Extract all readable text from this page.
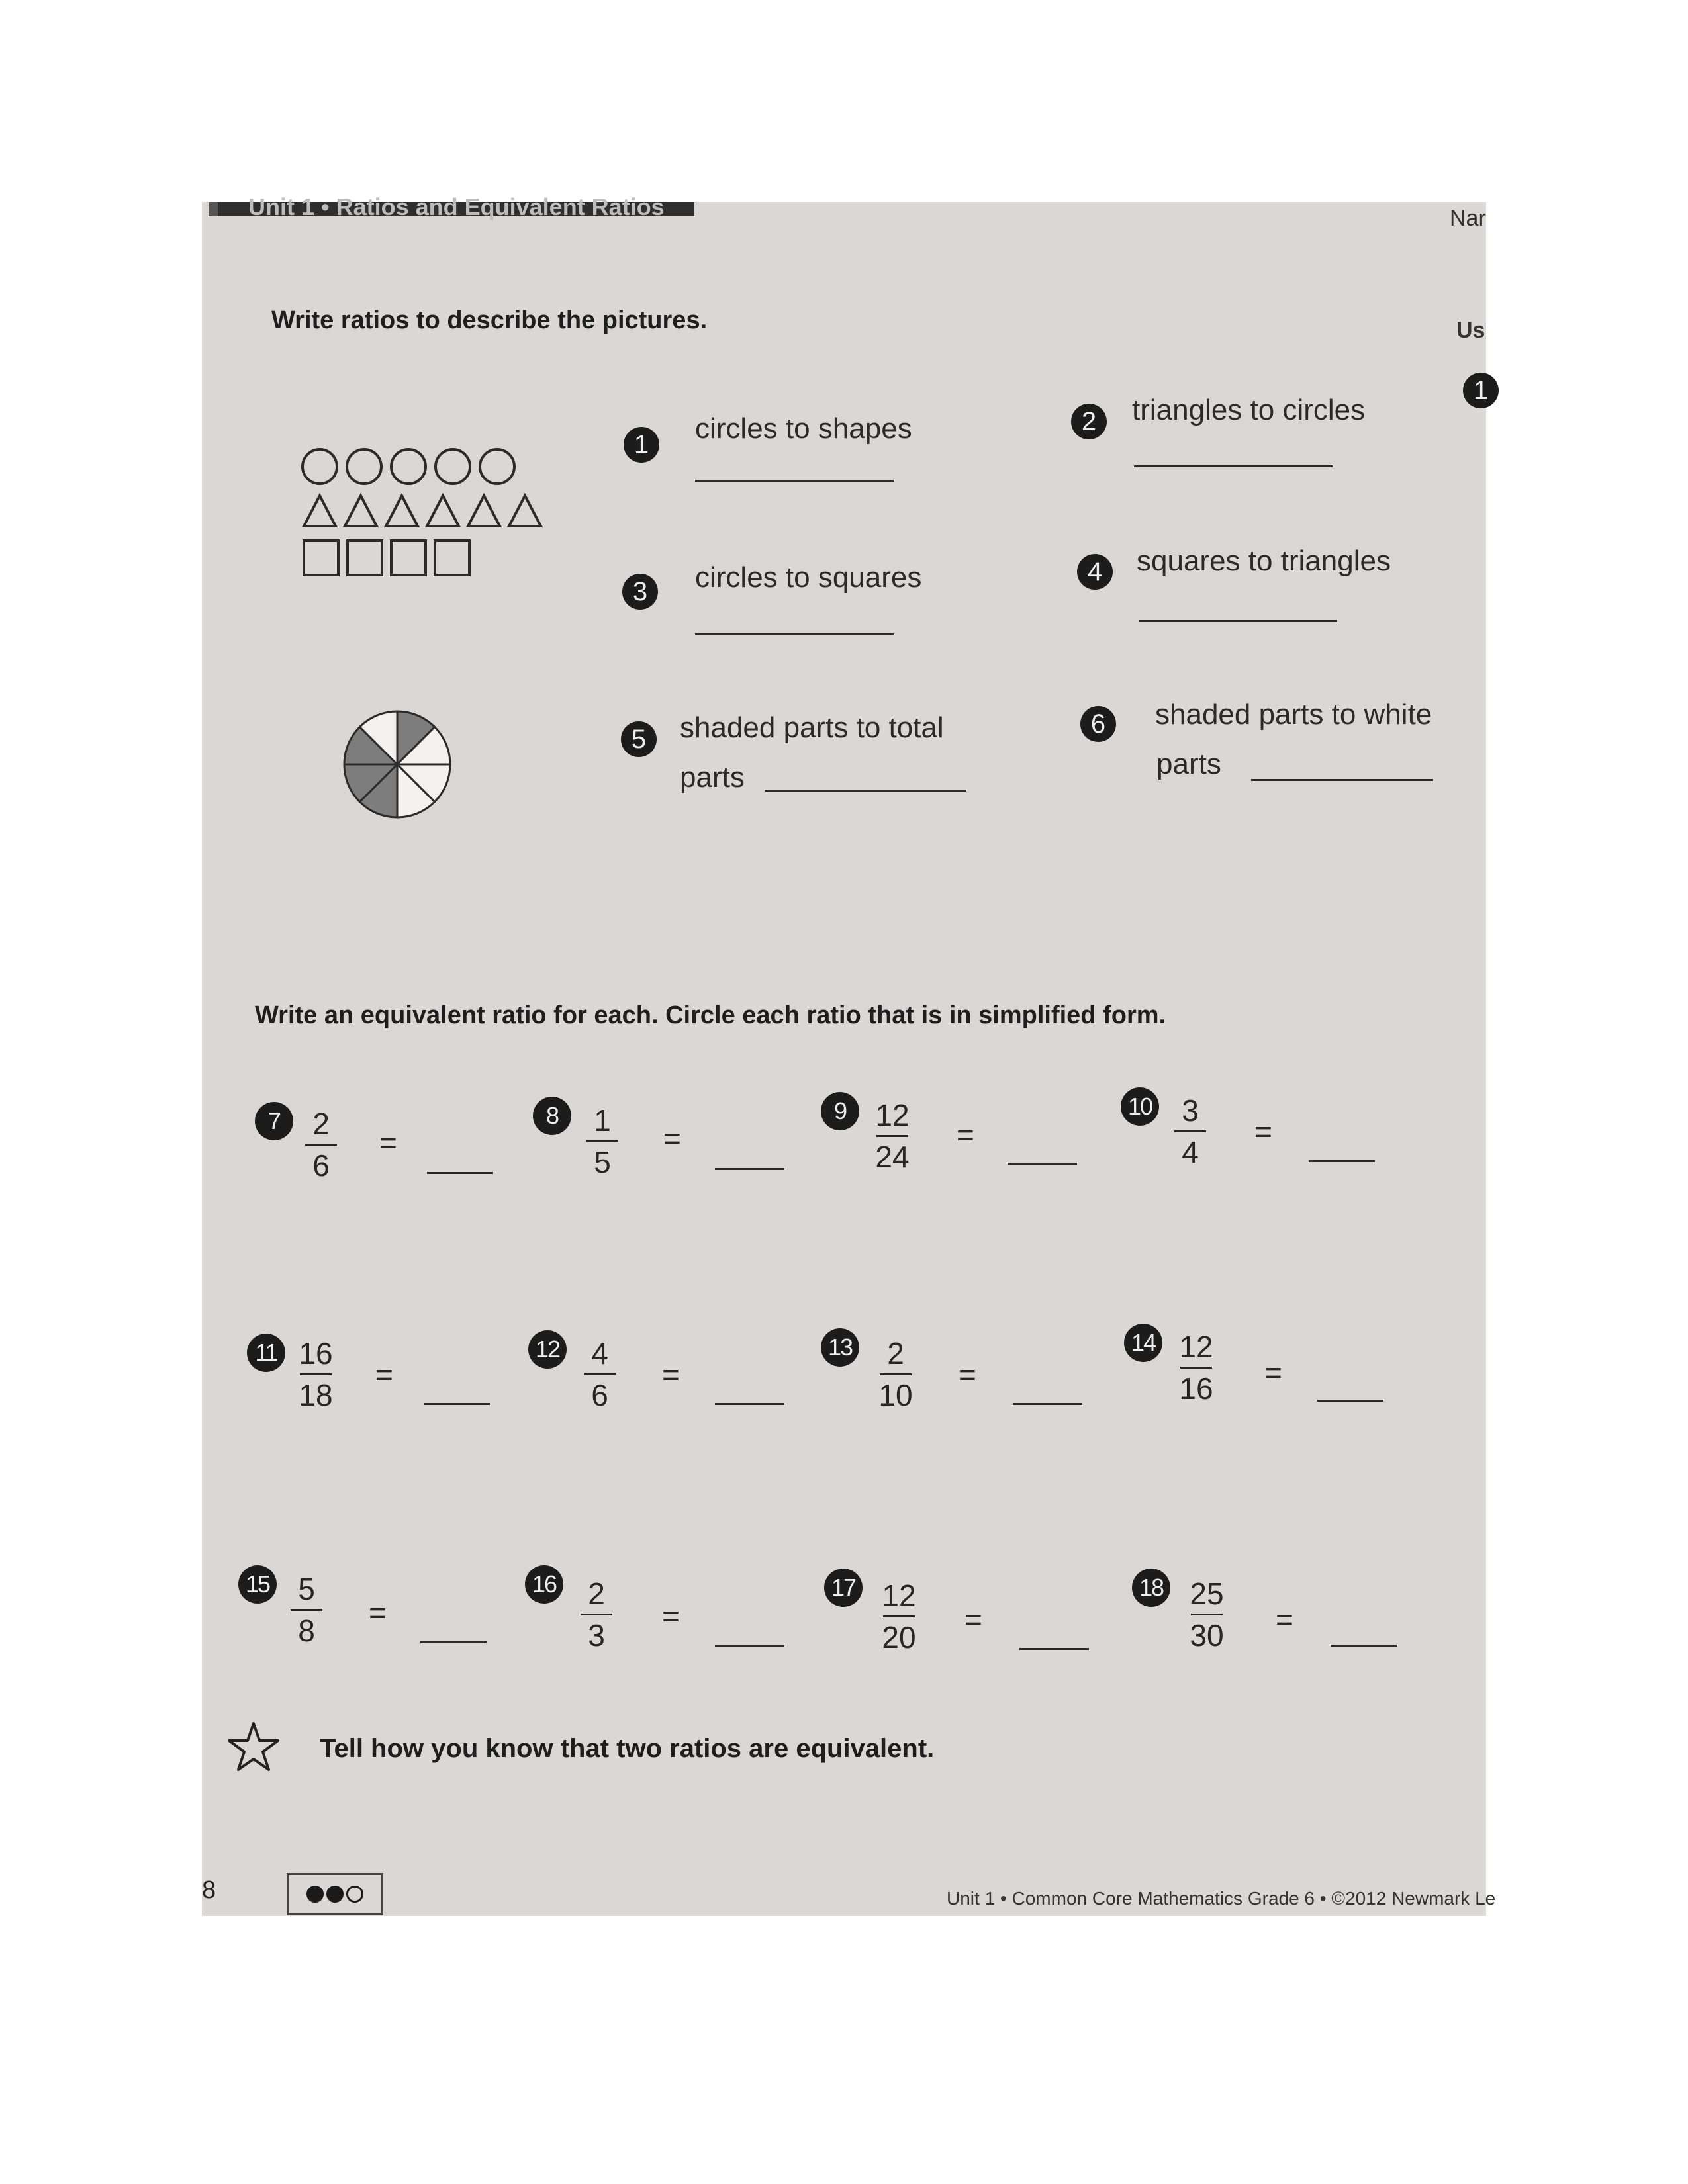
Unit 1 • Ratios and Equivalent Ratios	Nar
Us
1
Write ratios to describe the pictures.
1	circles to shapes	2	triangles to circles
3	circles to squares	4	squares to triangles
5	shaded parts to total
parts
6	shaded parts to white
parts
Write an equivalent ratio for each. Circle each ratio that is in simplified form.
7	2
6
=
8	1
5
=
9 12
24
=
10 3
4
=
11 16
18
=
12	4
6
=
13	2
10
=
14 12
16	=
15 5
8
=
16	2
3
=
17 12
20
=
18 25
30	=
Tell how you know that two ratios are equivalent.
8	Unit 1 • Common Core Mathematics Grade 6 • ©2012 Newmark Le
